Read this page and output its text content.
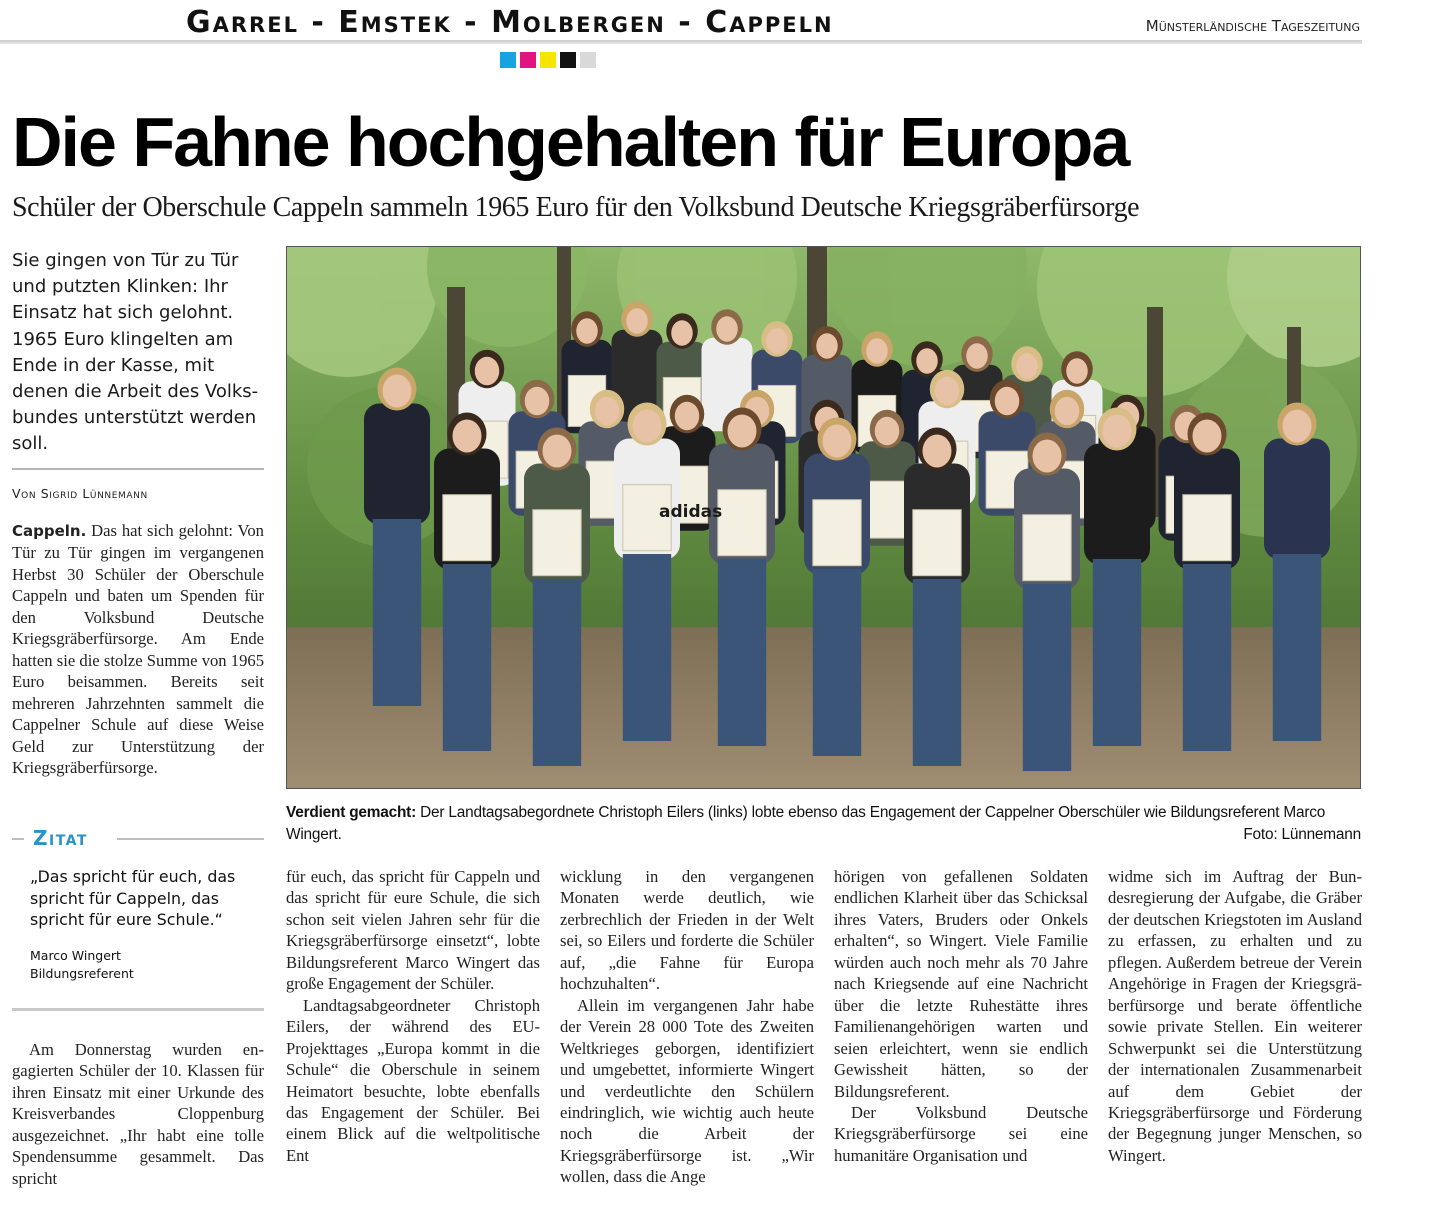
Garrel - Emstek - Molbergen - Cappeln	Münsterländische Tageszeitung
Die Fahne hochgehalten für Europa
Schüler der Oberschule Cappeln sammeln 1965 Euro für den Volksbund Deutsche Kriegsgräberfürsorge

Sie gingen von Tür zu Tür und putzten Klinken: Ihr Einsatz hat sich gelohnt. 1965 Euro klingelten am Ende in der Kasse, mit denen die Arbeit des Volksbundes unterstützt werden soll.

Von Sigrid Lünnemann
Cappeln. Das hat sich gelohnt: Von Tür zu Tür gingen im vergangenen Herbst 30 Schüler der Oberschule Cappeln und baten um Spenden für den Volksbund Deutsche Kriegsgräberfürsorge. Am Ende hatten sie die stolze Summe von 1965 Euro beisammen. Bereits seit mehreren Jahrzehnten sammelt die Cappelner Schule auf diese Weise Geld zur Unterstützung der Kriegsgräberfürsorge.
Zitat

„Das spricht für euch, das spricht für Cappeln, das spricht für eure Schule.“

Marco Wingert
Bildungsreferent

Am Donnerstag wurden engagierten Schüler der 10. Klassen für ihren Einsatz mit einer Urkunde des Kreisverbandes Cloppenburg ausgezeichnet. „Ihr habt eine tolle Spendensumme gesammelt. Das spricht

adidas
Verdient gemacht: Der Landtagsabegordnete Christoph Eilers (links) lobte ebenso das Engagement der Cappelner Oberschüler wie Bildungsreferent Marco Wingert.	Foto: Lünnemann

für euch, das spricht für Cappeln und das spricht für eure Schule, die sich schon seit vielen Jahren sehr für die Kriegsgräberfürsorge einsetzt“, lobte Bildungsreferent Marco Wingert das große Engagement der Schüler.

Landtagsabgeordneter Christoph Eilers, der während des EU-Projekttages „Europa kommt in die Schule“ die Oberschule in seinem Heimatort besuchte, lobte ebenfalls das Engagement der Schüler. Bei einem Blick auf die weltpolitische Ent

wicklung in den vergangenen Monaten werde deutlich, wie zerbrechlich der Frieden in der Welt sei, so Eilers und forderte die Schüler auf, „die Fahne für Europa hochzuhalten“.

Allein im vergangenen Jahr habe der Verein 28 000 Tote des Zweiten Weltkrieges geborgen, identifiziert und umgebettet, informierte Wingert und verdeutlichte den Schülern eindringlich, wie wichtig auch heute noch die Arbeit der Kriegsgräberfürsorge ist. „Wir wollen, dass die Ange

hörigen von gefallenen Soldaten endlichen Klarheit über das Schicksal ihres Vaters, Bruders oder Onkels erhalten“, so Wingert. Viele Familie würden auch noch mehr als 70 Jahre nach Kriegsende auf eine Nachricht über die letzte Ruhestätte ihres Familienangehörigen warten und seien erleichtert, wenn sie endlich Gewissheit hätten, so der Bildungsreferent.

Der Volksbund Deutsche Kriegsgräberfürsorge sei eine humanitäre Organisation und

widme sich im Auftrag der Bundesregierung der Aufgabe, die Gräber der deutschen Kriegstoten im Ausland zu erfassen, zu erhalten und zu pflegen. Außerdem betreue der Verein Angehörige in Fragen der Kriegsgräberfürsorge und berate öffentliche sowie private Stellen. Ein weiterer Schwerpunkt sei die Unterstützung der internationalen Zusammenarbeit auf dem Gebiet der Kriegsgräberfürsorge und Förderung der Begegnung junger Menschen, so Wingert.
